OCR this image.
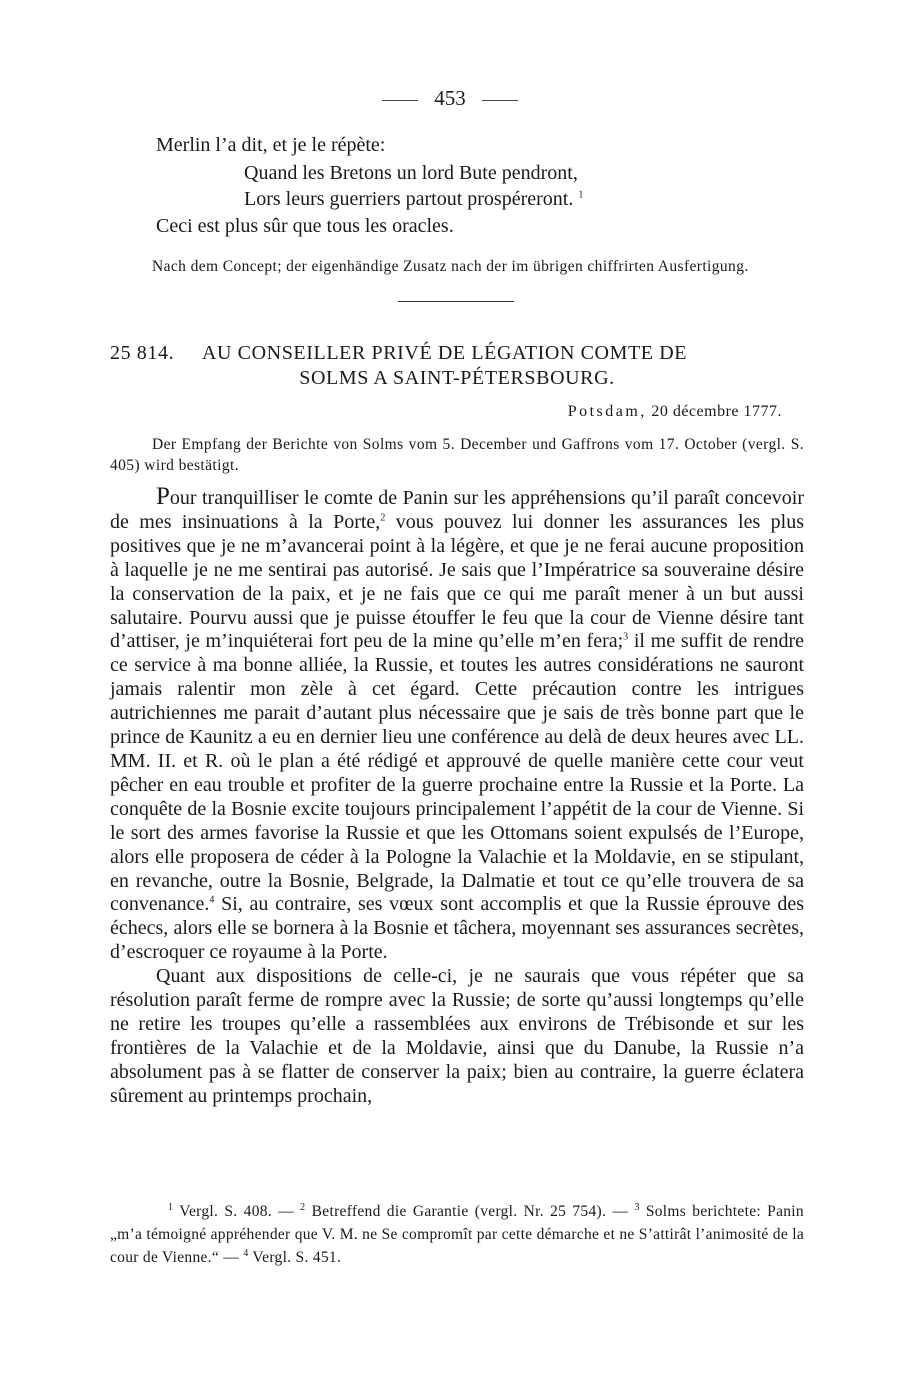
453
Merlin l’a dit, et je le répète:
Quand les Bretons un lord Bute pendront,
Lors leurs guerriers partout prospéreront. $^1$
Ceci est plus sûr que tous les oracles.
Nach dem Concept; der eigenhändige Zusatz nach der im übrigen chiffrirten Ausfertigung.
25 814. AU CONSEILLER PRIVÉ DE LÉGATION COMTE DE
SOLMS A SAINT-PÉTERSBOURG.
Potsdam, 20 décembre 1777.
Der Empfang der Berichte von Solms vom 5. December und Gaffrons vom 17. October (vergl. S. 405) wird bestätigt.

Pour tranquilliser le comte de Panin sur les appréhensions qu’il paraît concevoir de mes insinuations à la Porte,$^2$ vous pouvez lui donner les assurances les plus positives que je ne m’avancerai point à la légère, et que je ne ferai aucune proposition à laquelle je ne me sentirai pas autorisé. Je sais que l’Impératrice sa souveraine désire la conservation de la paix, et je ne fais que ce qui me paraît mener à un but aussi salutaire. Pourvu aussi que je puisse étouffer le feu que la cour de Vienne désire tant d’attiser, je m’inquiéterai fort peu de la mine qu’elle m’en fera;$^3$ il me suffit de rendre ce service à ma bonne alliée, la Russie, et toutes les autres considérations ne sauront jamais ralentir mon zèle à cet égard. Cette précaution contre les intrigues autrichiennes me parait d’autant plus nécessaire que je sais de très bonne part que le prince de Kaunitz a eu en dernier lieu une conférence au delà de deux heures avec LL. MM. II. et R. où le plan a été rédigé et approuvé de quelle manière cette cour veut pêcher en eau trouble et profiter de la guerre prochaine entre la Russie et la Porte. La conquête de la Bosnie excite toujours principalement l’appétit de la cour de Vienne. Si le sort des armes favorise la Russie et que les Ottomans soient expulsés de l’Europe, alors elle proposera de céder à la Pologne la Valachie et la Moldavie, en se stipulant, en revanche, outre la Bosnie, Belgrade, la Dalmatie et tout ce qu’elle trouvera de sa convenance.$^4$ Si, au contraire, ses vœux sont accomplis et que la Russie éprouve des échecs, alors elle se bornera à la Bosnie et tâchera, moyennant ses assurances secrètes, d’escroquer ce royaume à la Porte.

Quant aux dispositions de celle-ci, je ne saurais que vous répéter que sa résolution paraît ferme de rompre avec la Russie; de sorte qu’aussi longtemps qu’elle ne retire les troupes qu’elle a rassemblées aux environs de Trébisonde et sur les frontières de la Valachie et de la Moldavie, ainsi que du Danube, la Russie n’a absolument pas à se flatter de conserver la paix; bien au contraire, la guerre éclatera sûrement au printemps prochain,

$^1$ Vergl. S. 408. — $^2$ Betreffend die Garantie (vergl. Nr. 25 754). — $^3$ Solms berichtete: Panin „m’a témoigné appréhender que V. M. ne Se compromît par cette démarche et ne S’attirât l’animosité de la cour de Vienne.“ — $^4$ Vergl. S. 451.
